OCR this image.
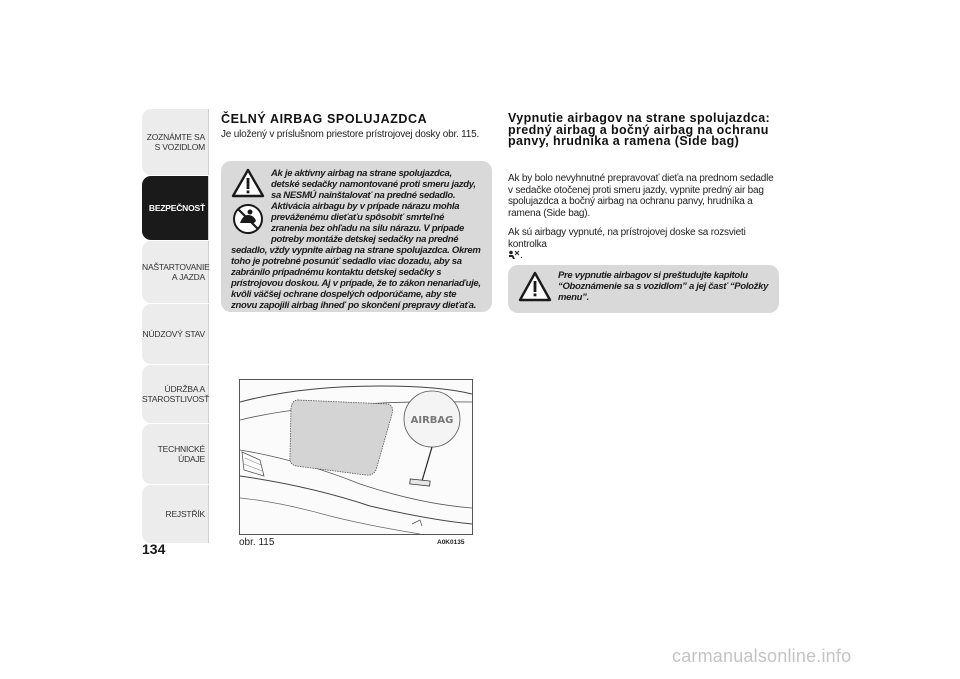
ZOZNÁMTE SA S VOZIDLOM
BEZPEČNOSŤ
NAŠTARTOVANIE A JAZDA
NÚDZOVÝ STAV
ÚDRŽBA A STAROSTLIVOSŤ
TECHNICKÉ ÚDAJE
REJSTŘÍK
134
ČELNÝ AIRBAG SPOLUJAZDCA

Je uložený v príslušnom priestore prístrojovej dosky obr. 115.

Ak je aktívny airbag na strane spolujazdca, detské sedačky namontované proti smeru jazdy, sa NESMÚ nainštalovať na predné sedadlo. Aktivácia airbagu by v prípade nárazu mohla preváženému dieťaťu spôsobiť smrteľné zranenia bez ohľadu na silu nárazu. V prípade potreby montáže detskej sedačky na predné sedadlo, vždy vypnite airbag na strane spolujazdca. Okrem toho je potrebné posunúť sedadlo viac dozadu, aby sa zabránilo prípadnému kontaktu detskej sedačky s prístrojovou doskou. Aj v prípade, že to zákon nenariaďuje, kvôli väčšej ochrane dospelých odporúčame, aby ste znovu zapojili airbag ihneď po skončení prepravy dieťaťa.
AIRBAG
obr. 115	A0K0135
Vypnutie airbagov na strane spolujazdca: predný airbag a bočný airbag na ochranu panvy, hrudníka a ramena (Side bag)

Ak by bolo nevyhnutné prepravovať dieťa na prednom sedadle v sedačke otočenej proti smeru jazdy, vypnite predný air bag spolujazdca a bočný airbag na ochranu panvy, hrudníka a ramena (Side bag).

Ak sú airbagy vypnuté, na prístrojovej doske sa rozsvieti kontrolka
.

Pre vypnutie airbagov si preštudujte kapitolu “Oboznámenie sa s vozidlom” a jej časť “Položky menu”.
carmanualsonline.info
